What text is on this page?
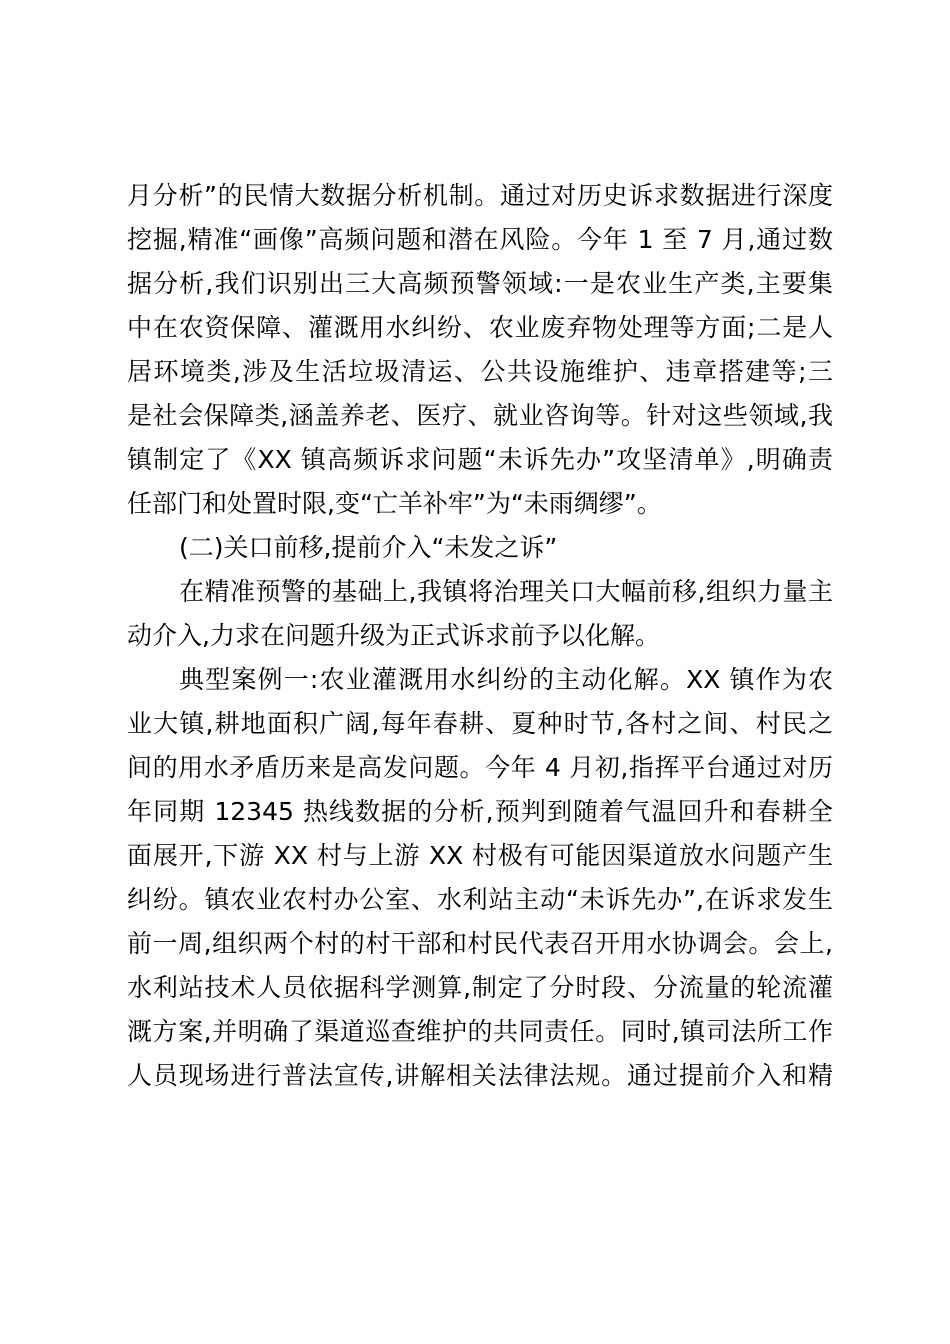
月分析”的民情大数据分析机制。通过对历史诉求数据进行深度
挖掘,精准“画像”高频问题和潜在风险。今年 1 至 7 月,通过数
据分析,我们识别出三大高频预警领域:一是农业生产类,主要集
中在农资保障、灌溉用水纠纷、农业废弃物处理等方面;二是人
居环境类,涉及生活垃圾清运、公共设施维护、违章搭建等;三
是社会保障类,涵盖养老、医疗、就业咨询等。针对这些领域,我
镇制定了《XX 镇高频诉求问题“未诉先办”攻坚清单》,明确责
任部门和处置时限,变“亡羊补牢”为“未雨绸缪”。
(二)关口前移,提前介入“未发之诉”
在精准预警的基础上,我镇将治理关口大幅前移,组织力量主
动介入,力求在问题升级为正式诉求前予以化解。
典型案例一:农业灌溉用水纠纷的主动化解。XX 镇作为农
业大镇,耕地面积广阔,每年春耕、夏种时节,各村之间、村民之
间的用水矛盾历来是高发问题。今年 4 月初,指挥平台通过对历
年同期 12345 热线数据的分析,预判到随着气温回升和春耕全
面展开,下游 XX 村与上游 XX 村极有可能因渠道放水问题产生
纠纷。镇农业农村办公室、水利站主动“未诉先办”,在诉求发生
前一周,组织两个村的村干部和村民代表召开用水协调会。会上,
水利站技术人员依据科学测算,制定了分时段、分流量的轮流灌
溉方案,并明确了渠道巡查维护的共同责任。同时,镇司法所工作
人员现场进行普法宣传,讲解相关法律法规。通过提前介入和精
